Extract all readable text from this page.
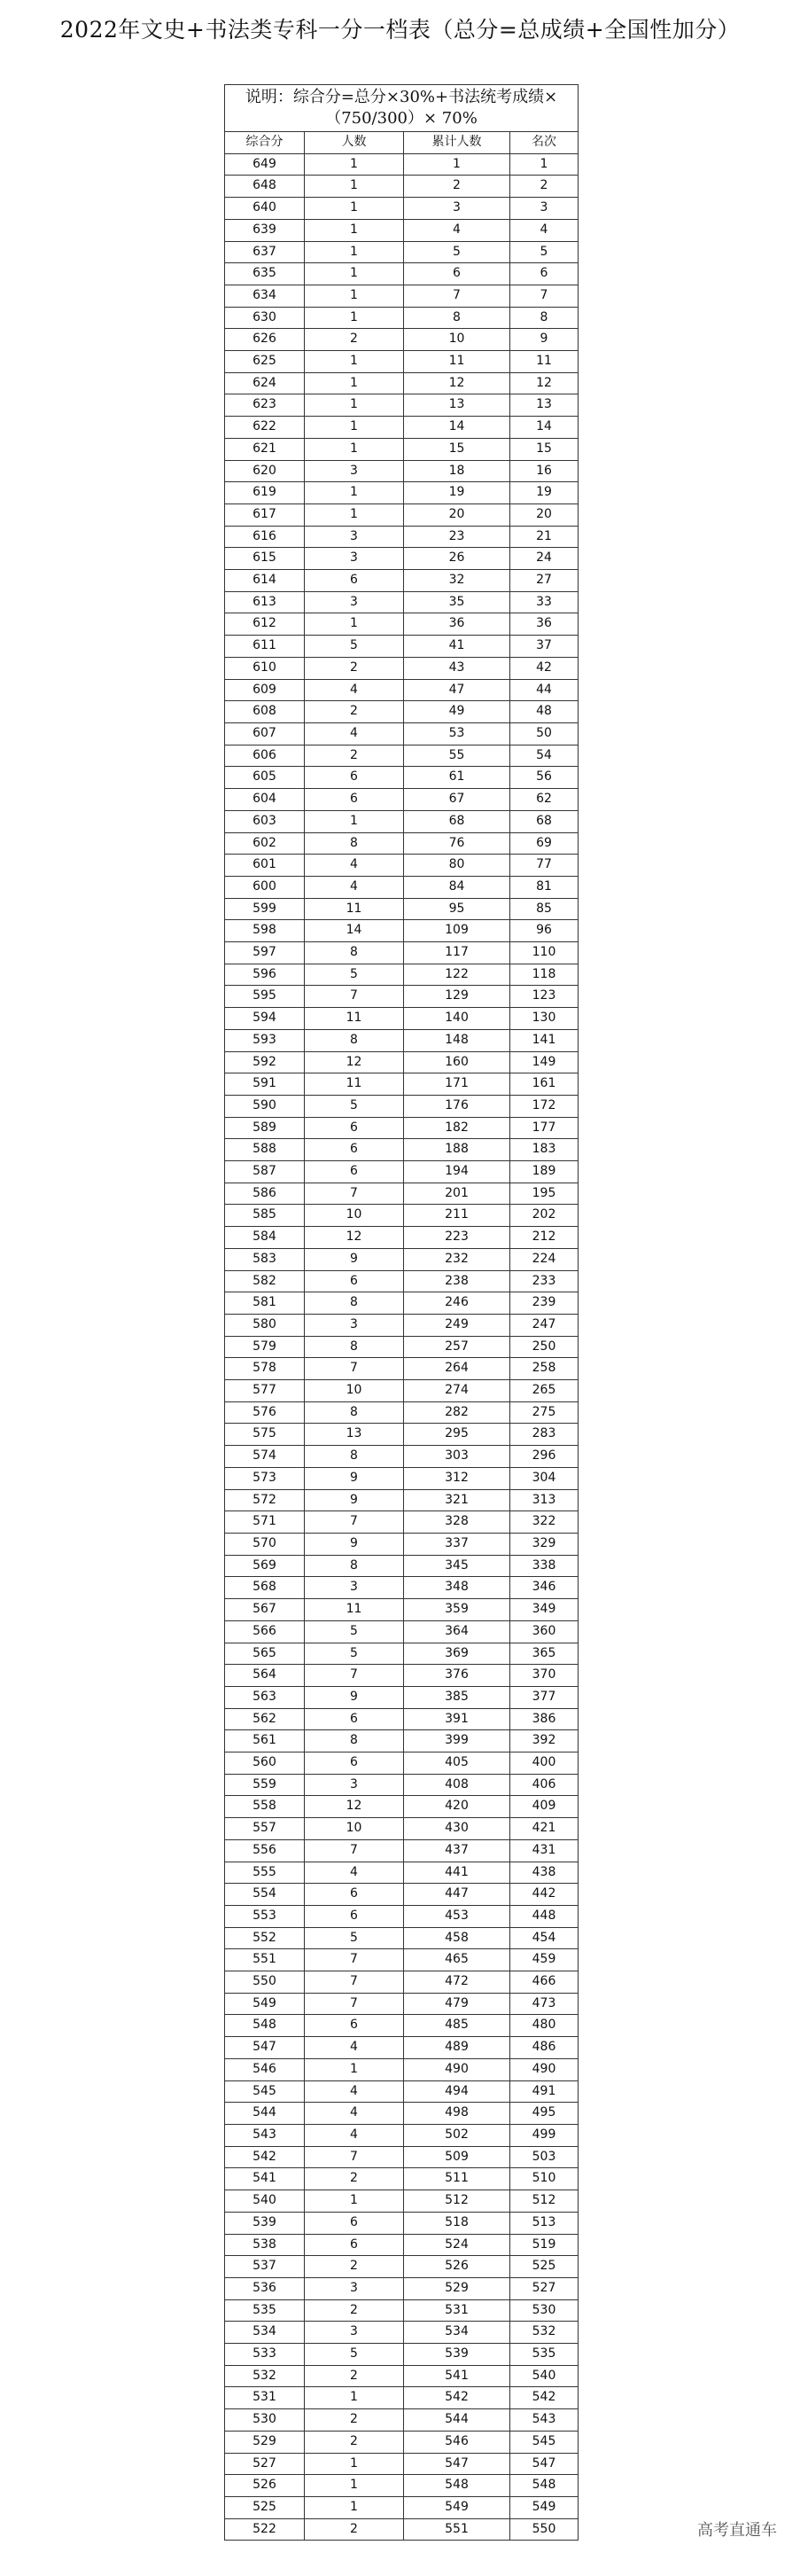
2022年文史+书法类专科一分一档表（总分=总成绩+全国性加分）
说明：综合分=总分×30%+书法统考成绩×（750/300）× 70%			
综合分	人数	累计人数	名次
649	1	1	1
648	1	2	2
640	1	3	3
639	1	4	4
637	1	5	5
635	1	6	6
634	1	7	7
630	1	8	8
626	2	10	9
625	1	11	11
624	1	12	12
623	1	13	13
622	1	14	14
621	1	15	15
620	3	18	16
619	1	19	19
617	1	20	20
616	3	23	21
615	3	26	24
614	6	32	27
613	3	35	33
612	1	36	36
611	5	41	37
610	2	43	42
609	4	47	44
608	2	49	48
607	4	53	50
606	2	55	54
605	6	61	56
604	6	67	62
603	1	68	68
602	8	76	69
601	4	80	77
600	4	84	81
599	11	95	85
598	14	109	96
597	8	117	110
596	5	122	118
595	7	129	123
594	11	140	130
593	8	148	141
592	12	160	149
591	11	171	161
590	5	176	172
589	6	182	177
588	6	188	183
587	6	194	189
586	7	201	195
585	10	211	202
584	12	223	212
583	9	232	224
582	6	238	233
581	8	246	239
580	3	249	247
579	8	257	250
578	7	264	258
577	10	274	265
576	8	282	275
575	13	295	283
574	8	303	296
573	9	312	304
572	9	321	313
571	7	328	322
570	9	337	329
569	8	345	338
568	3	348	346
567	11	359	349
566	5	364	360
565	5	369	365
564	7	376	370
563	9	385	377
562	6	391	386
561	8	399	392
560	6	405	400
559	3	408	406
558	12	420	409
557	10	430	421
556	7	437	431
555	4	441	438
554	6	447	442
553	6	453	448
552	5	458	454
551	7	465	459
550	7	472	466
549	7	479	473
548	6	485	480
547	4	489	486
546	1	490	490
545	4	494	491
544	4	498	495
543	4	502	499
542	7	509	503
541	2	511	510
540	1	512	512
539	6	518	513
538	6	524	519
537	2	526	525
536	3	529	527
535	2	531	530
534	3	534	532
533	5	539	535
532	2	541	540
531	1	542	542
530	2	544	543
529	2	546	545
527	1	547	547
526	1	548	548
525	1	549	549
522	2	551	550	高考直通车
